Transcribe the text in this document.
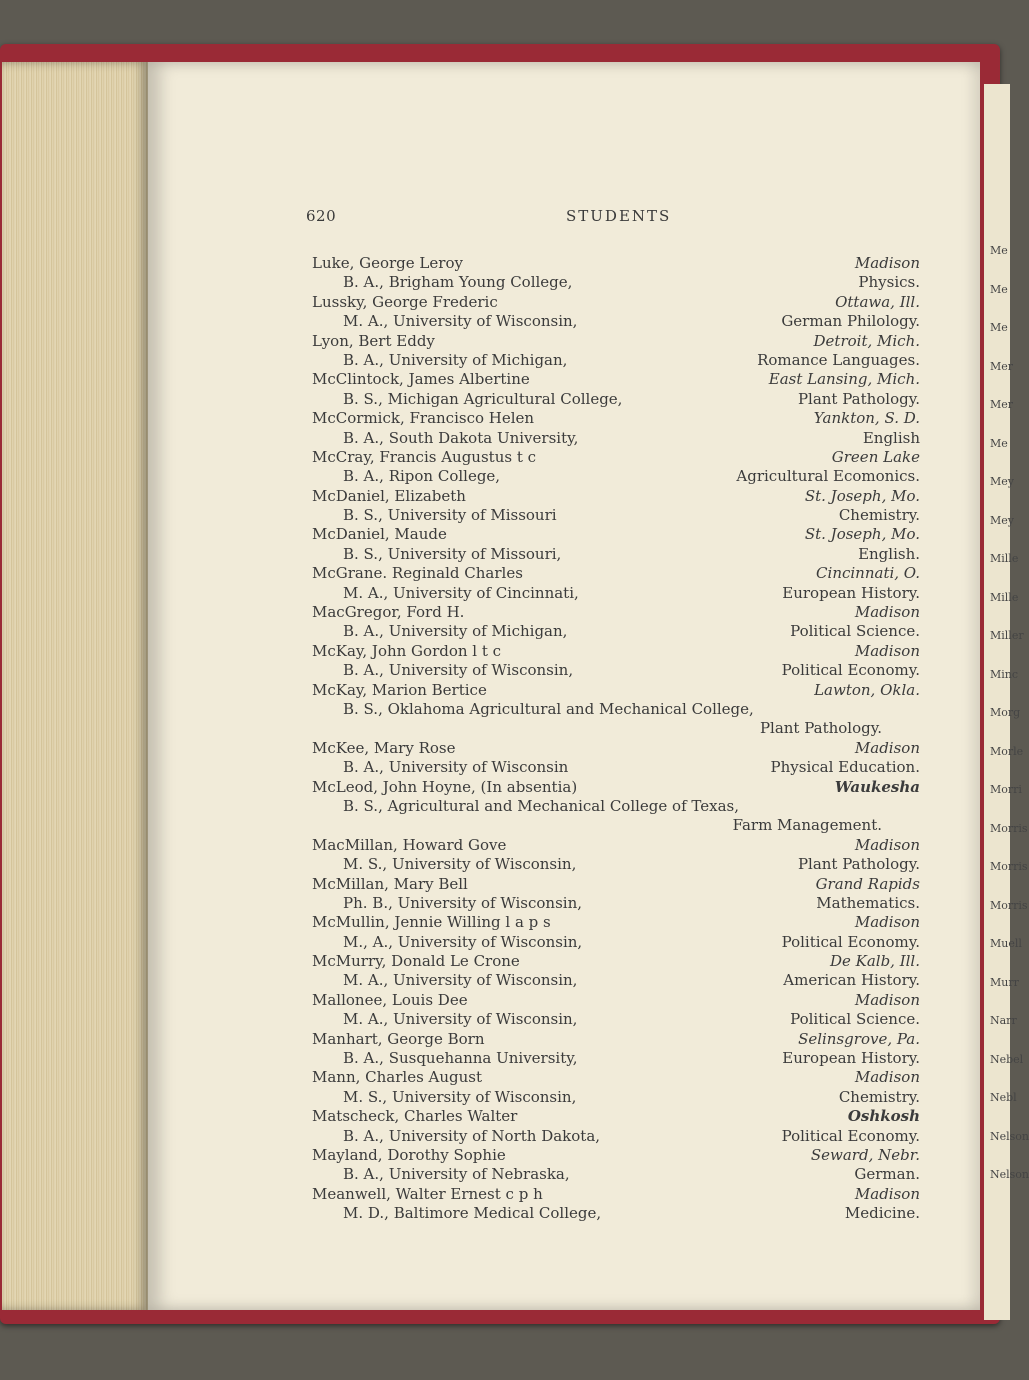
Me
Me
Me
Mer
Mer
Me
Mey
Mey
Mille
Mille
Miller
Minc
Morg
Morle
Morri
Morris
Morris
Morris
Muell
Murr
Narr
Nebel
Nebl
Nelson
Nelson
620	STUDENTS
Luke, George Leroy	Madison
B. A., Brigham Young College,	Physics.
Lussky, George Frederic	Ottawa, Ill.
M. A., University of Wisconsin,	German Philology.
Lyon, Bert Eddy	Detroit, Mich.
B. A., University of Michigan,	Romance Languages.
McClintock, James Albertine	East Lansing, Mich.
B. S., Michigan Agricultural College,	Plant Pathology.
McCormick, Francisco Helen	Yankton, S. D.
B. A., South Dakota University,	English
McCray, Francis Augustus t c	Green Lake
B. A., Ripon College,	Agricultural Ecomonics.
McDaniel, Elizabeth	St. Joseph, Mo.
B. S., University of Missouri	Chemistry.
McDaniel, Maude	St. Joseph, Mo.
B. S., University of Missouri,	English.
McGrane. Reginald Charles	Cincinnati, O.
M. A., University of Cincinnati,	European History.
MacGregor, Ford H.	Madison
B. A., University of Michigan,	Political Science.
McKay, John Gordon l t c	Madison
B. A., University of Wisconsin,	Political Economy.
McKay, Marion Bertice	Lawton, Okla.
B. S., Oklahoma Agricultural and Mechanical College,
Plant Pathology.
McKee, Mary Rose	Madison
B. A., University of Wisconsin	Physical Education.
McLeod, John Hoyne, (In absentia)	Waukesha
B. S., Agricultural and Mechanical College of Texas,
Farm Management.
MacMillan, Howard Gove	Madison
M. S., University of Wisconsin,	Plant Pathology.
McMillan, Mary Bell	Grand Rapids
Ph. B., University of Wisconsin,	Mathematics.
McMullin, Jennie Willing l a p s	Madison
M., A., University of Wisconsin,	Political Economy.
McMurry, Donald Le Crone	De Kalb, Ill.
M. A., University of Wisconsin,	American History.
Mallonee, Louis Dee	Madison
M. A., University of Wisconsin,	Political Science.
Manhart, George Born	Selinsgrove, Pa.
B. A., Susquehanna University,	European History.
Mann, Charles August	Madison
M. S., University of Wisconsin,	Chemistry.
Matscheck, Charles Walter	Oshkosh
B. A., University of North Dakota,	Political Economy.
Mayland, Dorothy Sophie	Seward, Nebr.
B. A., University of Nebraska,	German.
Meanwell, Walter Ernest c p h	Madison
M. D., Baltimore Medical College,	Medicine.
